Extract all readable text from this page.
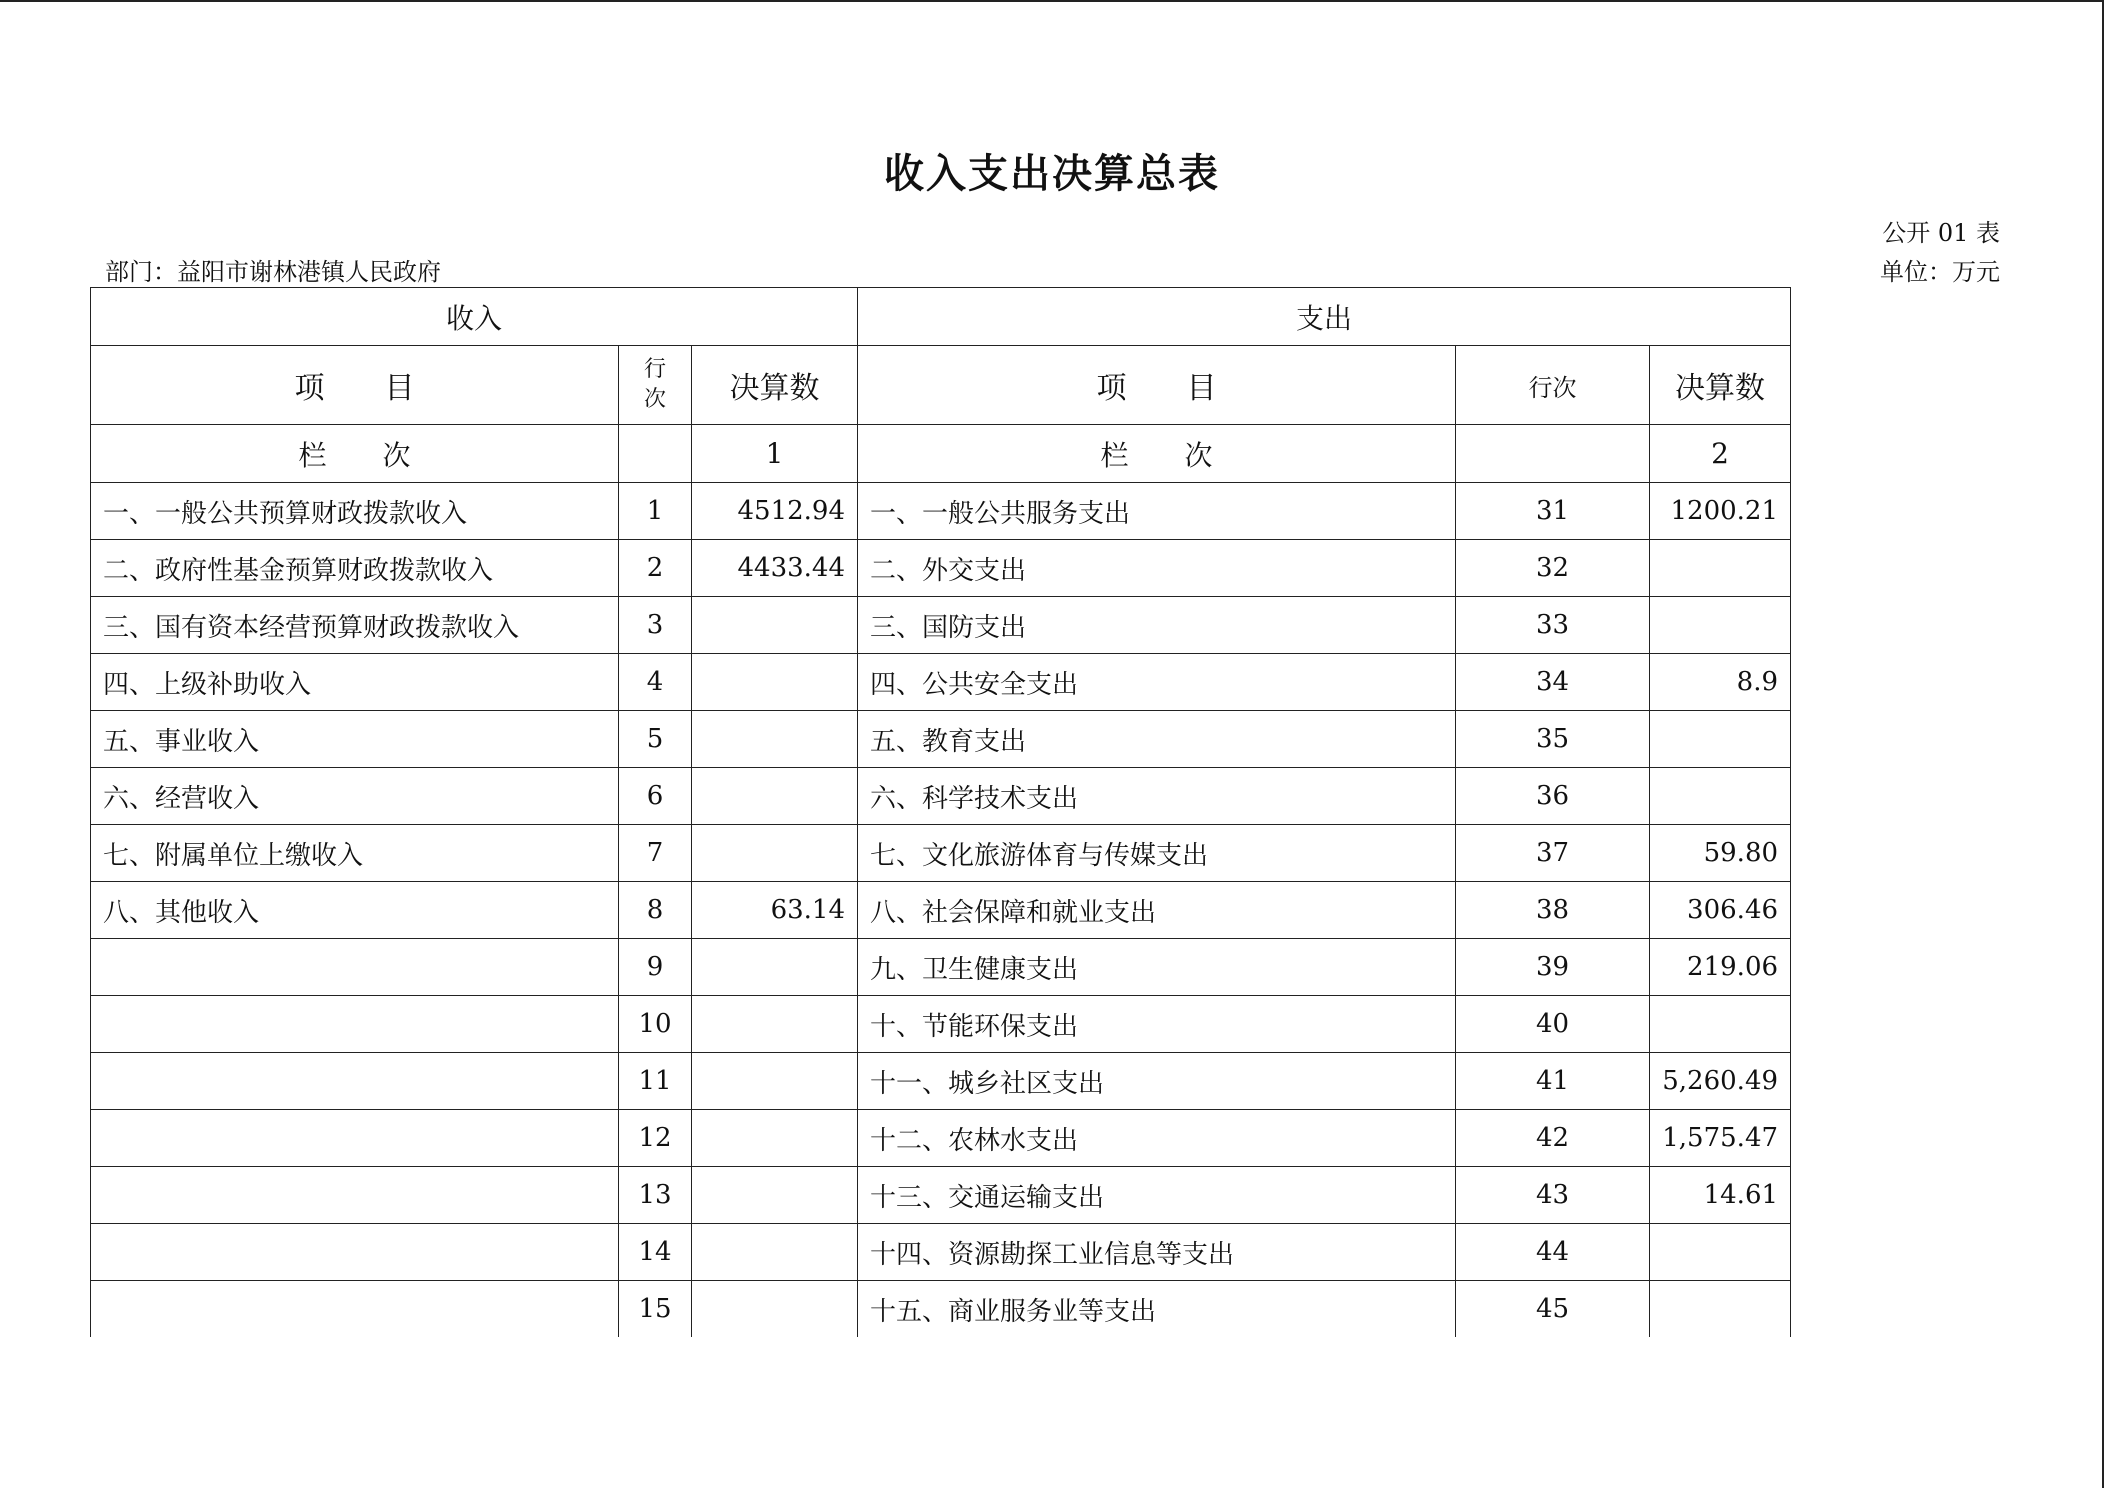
收入支出决算总表
公开 01 表
部门：益阳市谢林港镇人民政府	单位：万元
收入			支出		
项　　目	行
次	决算数	项　　目	行次	决算数
栏　　次		1	栏　　次		2
一、一般公共预算财政拨款收入	1	4512.94	一、一般公共服务支出	31	1200.21
二、政府性基金预算财政拨款收入	2	4433.44	二、外交支出	32	
三、国有资本经营预算财政拨款收入	3		三、国防支出	33	
四、上级补助收入	4		四、公共安全支出	34	8.9
五、事业收入	5		五、教育支出	35	
六、经营收入	6		六、科学技术支出	36	
七、附属单位上缴收入	7		七、文化旅游体育与传媒支出	37	59.80
八、其他收入	8	63.14	八、社会保障和就业支出	38	306.46
	9		九、卫生健康支出	39	219.06
	10		十、节能环保支出	40	
	11		十一、城乡社区支出	41	5,260.49
	12		十二、农林水支出	42	1,575.47
	13		十三、交通运输支出	43	14.61
	14		十四、资源勘探工业信息等支出	44	
	15		十五、商业服务业等支出	45	
